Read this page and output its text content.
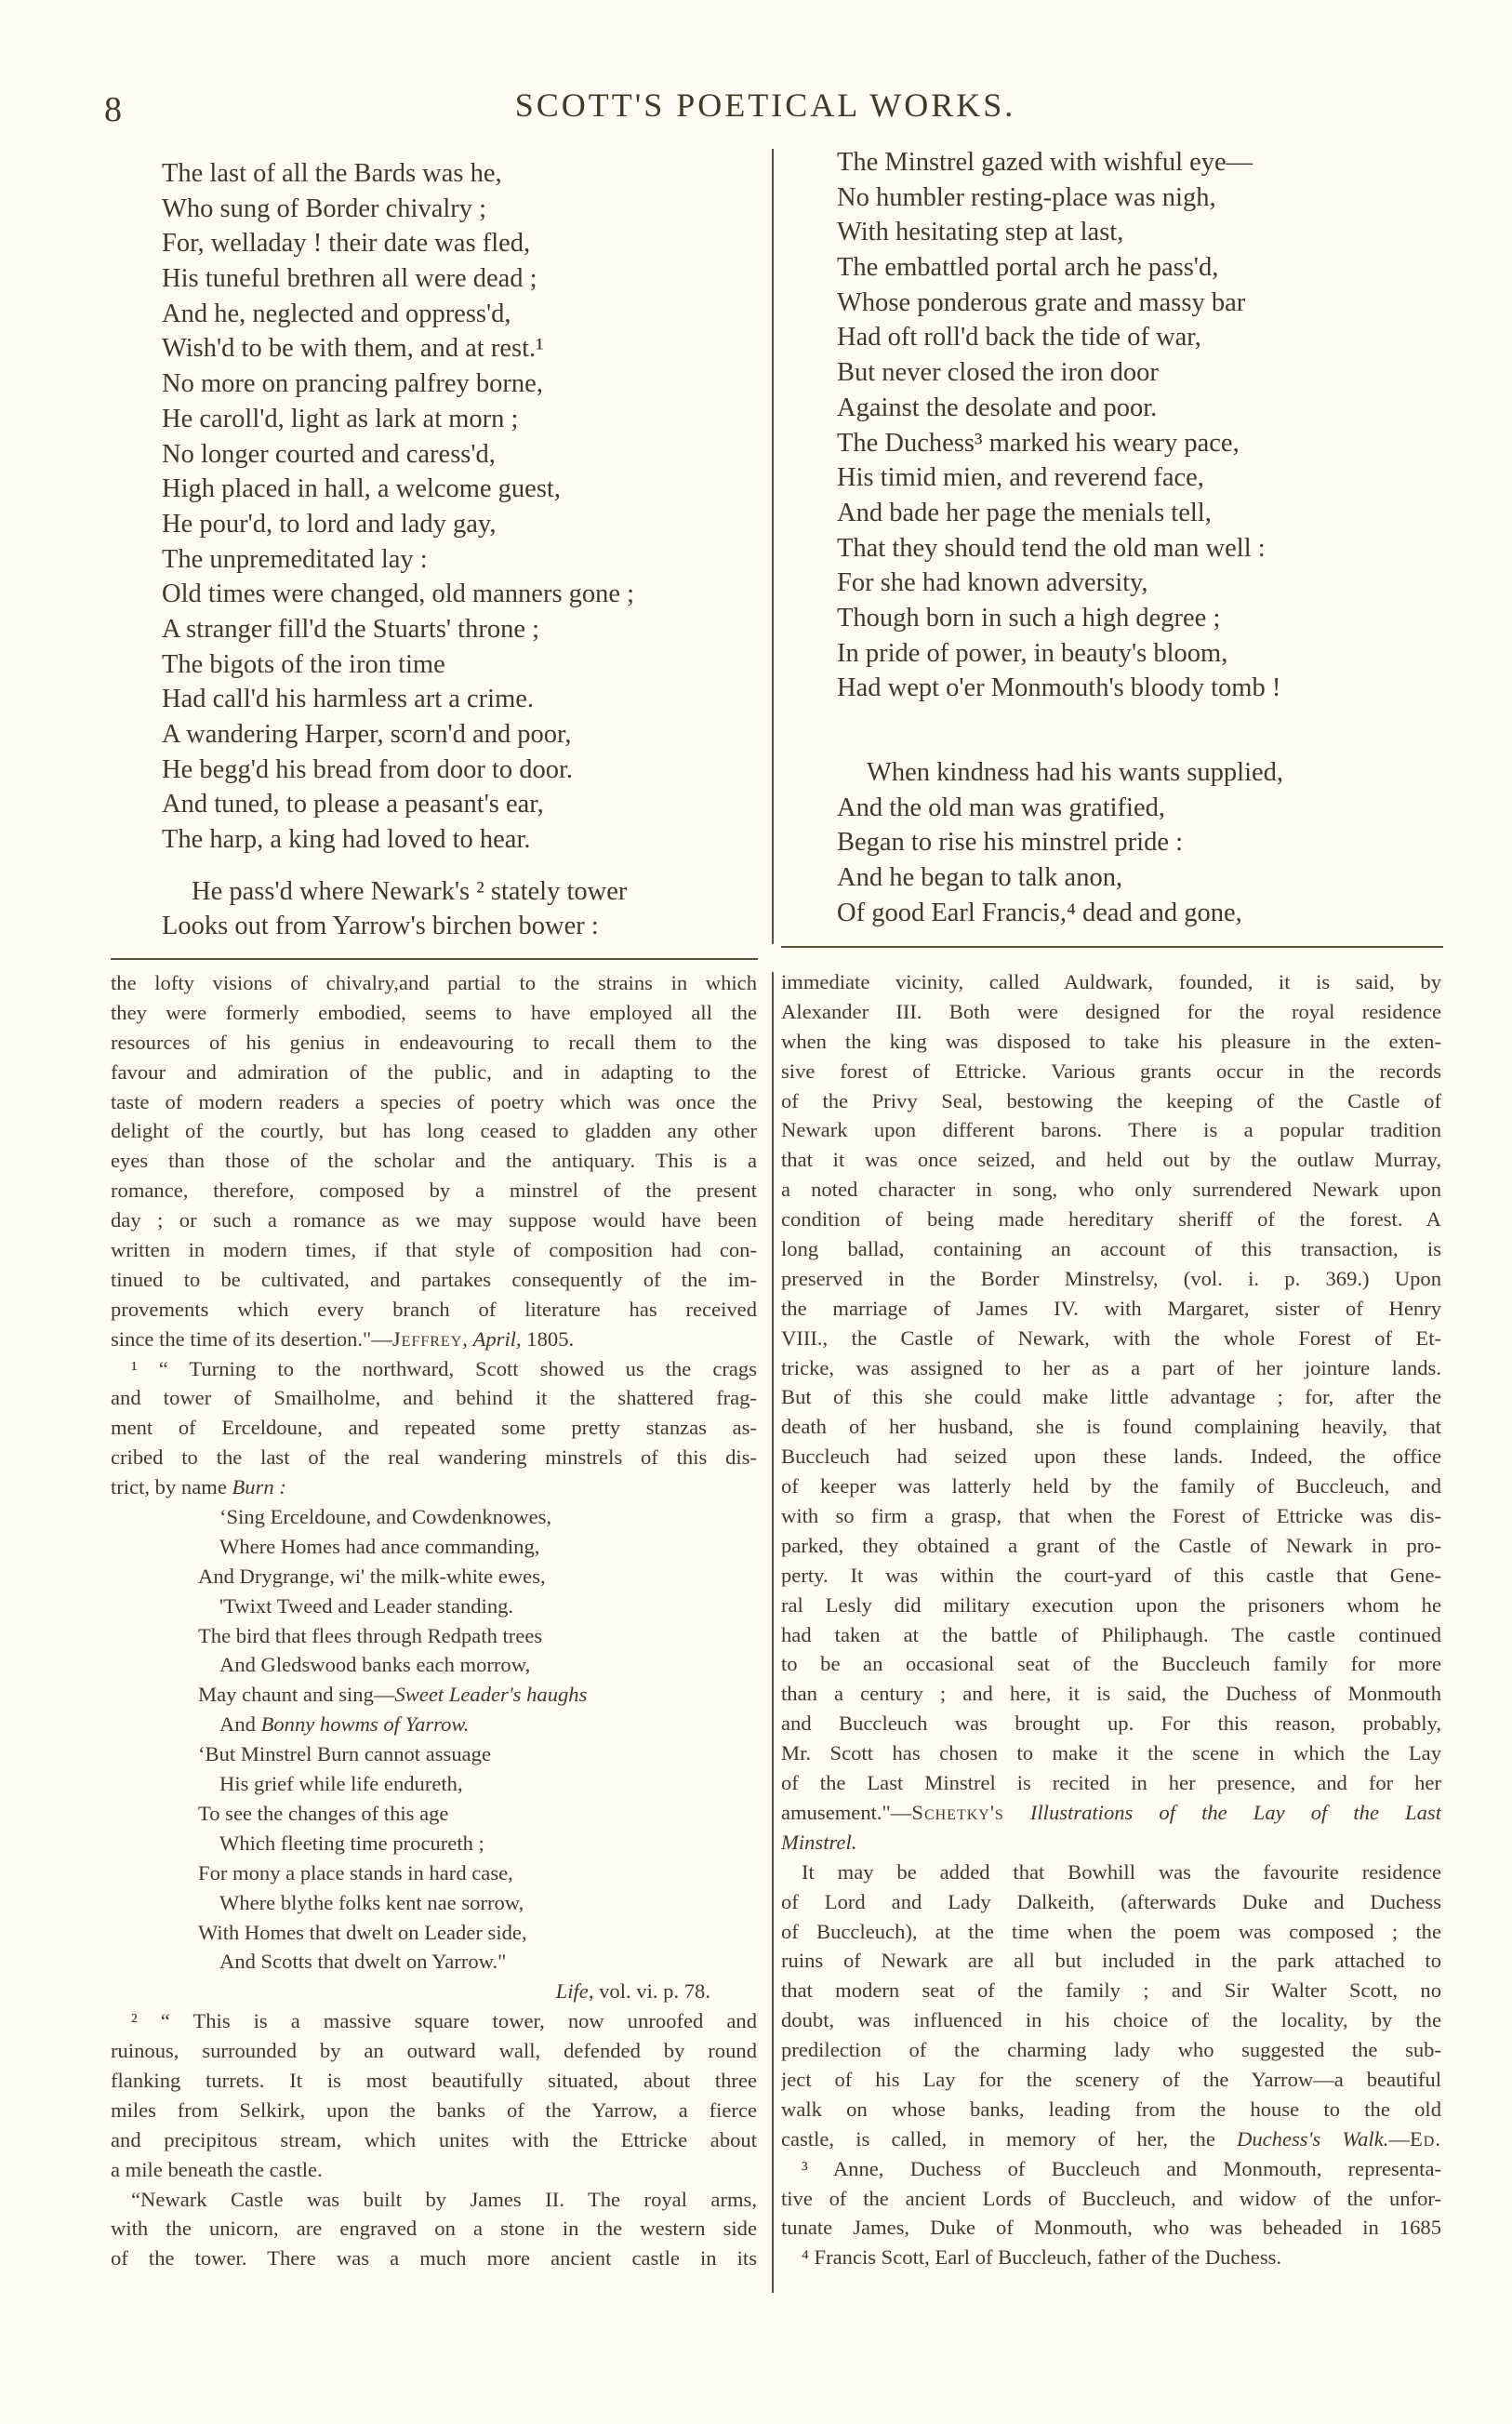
8	SCOTT'S POETICAL WORKS.
The last of all the Bards was he,
Who sung of Border chivalry ;
For, welladay ! their date was fled,
His tuneful brethren all were dead ;
And he, neglected and oppress'd,
Wish'd to be with them, and at rest.¹
No more on prancing palfrey borne,
He caroll'd, light as lark at morn ;
No longer courted and caress'd,
High placed in hall, a welcome guest,
He pour'd, to lord and lady gay,
The unpremeditated lay :
Old times were changed, old manners gone ;
A stranger fill'd the Stuarts' throne ;
The bigots of the iron time
Had call'd his harmless art a crime.
A wandering Harper, scorn'd and poor,
He begg'd his bread from door to door.
And tuned, to please a peasant's ear,
The harp, a king had loved to hear.
He pass'd where Newark's ² stately tower
Looks out from Yarrow's birchen bower :
The Minstrel gazed with wishful eye—
No humbler resting-place was nigh,
With hesitating step at last,
The embattled portal arch he pass'd,
Whose ponderous grate and massy bar
Had oft roll'd back the tide of war,
But never closed the iron door
Against the desolate and poor.
The Duchess³ marked his weary pace,
His timid mien, and reverend face,
And bade her page the menials tell,
That they should tend the old man well :
For she had known adversity,
Though born in such a high degree ;
In pride of power, in beauty's bloom,
Had wept o'er Monmouth's bloody tomb !
When kindness had his wants supplied,
And the old man was gratified,
Began to rise his minstrel pride :
And he began to talk anon,
Of good Earl Francis,⁴ dead and gone,
the lofty visions of chivalry,and partial to the strains in which
they were formerly embodied, seems to have employed all the
resources of his genius in endeavouring to recall them to the
favour and admiration of the public, and in adapting to the
taste of modern readers a species of poetry which was once the
delight of the courtly, but has long ceased to gladden any other
eyes than those of the scholar and the antiquary. This is a
romance, therefore, composed by a minstrel of the present
day ; or such a romance as we may suppose would have been
written in modern times, if that style of composition had con-
tinued to be cultivated, and partakes consequently of the im-
provements which every branch of literature has received
since the time of its desertion."—Jeffrey, April, 1805.
¹ “ Turning to the northward, Scott showed us the crags
and tower of Smailholme, and behind it the shattered frag-
ment of Erceldoune, and repeated some pretty stanzas as-
cribed to the last of the real wandering minstrels of this dis-
trict, by name Burn :
‘Sing Erceldoune, and Cowdenknowes,
Where Homes had ance commanding,
And Drygrange, wi' the milk-white ewes,
'Twixt Tweed and Leader standing.
The bird that flees through Redpath trees
And Gledswood banks each morrow,
May chaunt and sing—Sweet Leader's haughs
And Bonny howms of Yarrow.
‘But Minstrel Burn cannot assuage
His grief while life endureth,
To see the changes of this age
Which fleeting time procureth ;
For mony a place stands in hard case,
Where blythe folks kent nae sorrow,
With Homes that dwelt on Leader side,
And Scotts that dwelt on Yarrow."
Life, vol. vi. p. 78.
² “ This is a massive square tower, now unroofed and
ruinous, surrounded by an outward wall, defended by round
flanking turrets. It is most beautifully situated, about three
miles from Selkirk, upon the banks of the Yarrow, a fierce
and precipitous stream, which unites with the Ettricke about
a mile beneath the castle.
“Newark Castle was built by James II. The royal arms,
with the unicorn, are engraved on a stone in the western side
of the tower. There was a much more ancient castle in its
immediate vicinity, called Auldwark, founded, it is said, by
Alexander III. Both were designed for the royal residence
when the king was disposed to take his pleasure in the exten-
sive forest of Ettricke. Various grants occur in the records
of the Privy Seal, bestowing the keeping of the Castle of
Newark upon different barons. There is a popular tradition
that it was once seized, and held out by the outlaw Murray,
a noted character in song, who only surrendered Newark upon
condition of being made hereditary sheriff of the forest. A
long ballad, containing an account of this transaction, is
preserved in the Border Minstrelsy, (vol. i. p. 369.) Upon
the marriage of James IV. with Margaret, sister of Henry
VIII., the Castle of Newark, with the whole Forest of Et-
tricke, was assigned to her as a part of her jointure lands.
But of this she could make little advantage ; for, after the
death of her husband, she is found complaining heavily, that
Buccleuch had seized upon these lands. Indeed, the office
of keeper was latterly held by the family of Buccleuch, and
with so firm a grasp, that when the Forest of Ettricke was dis-
parked, they obtained a grant of the Castle of Newark in pro-
perty. It was within the court-yard of this castle that Gene-
ral Lesly did military execution upon the prisoners whom he
had taken at the battle of Philiphaugh. The castle continued
to be an occasional seat of the Buccleuch family for more
than a century ; and here, it is said, the Duchess of Monmouth
and Buccleuch was brought up. For this reason, probably,
Mr. Scott has chosen to make it the scene in which the Lay
of the Last Minstrel is recited in her presence, and for her
amusement."—Schetky's Illustrations of the Lay of the Last
Minstrel.
It may be added that Bowhill was the favourite residence
of Lord and Lady Dalkeith, (afterwards Duke and Duchess
of Buccleuch), at the time when the poem was composed ; the
ruins of Newark are all but included in the park attached to
that modern seat of the family ; and Sir Walter Scott, no
doubt, was influenced in his choice of the locality, by the
predilection of the charming lady who suggested the sub-
ject of his Lay for the scenery of the Yarrow—a beautiful
walk on whose banks, leading from the house to the old
castle, is called, in memory of her, the Duchess's Walk.—Ed.
³ Anne, Duchess of Buccleuch and Monmouth, representa-
tive of the ancient Lords of Buccleuch, and widow of the unfor-
tunate James, Duke of Monmouth, who was beheaded in 1685
⁴ Francis Scott, Earl of Buccleuch, father of the Duchess.
